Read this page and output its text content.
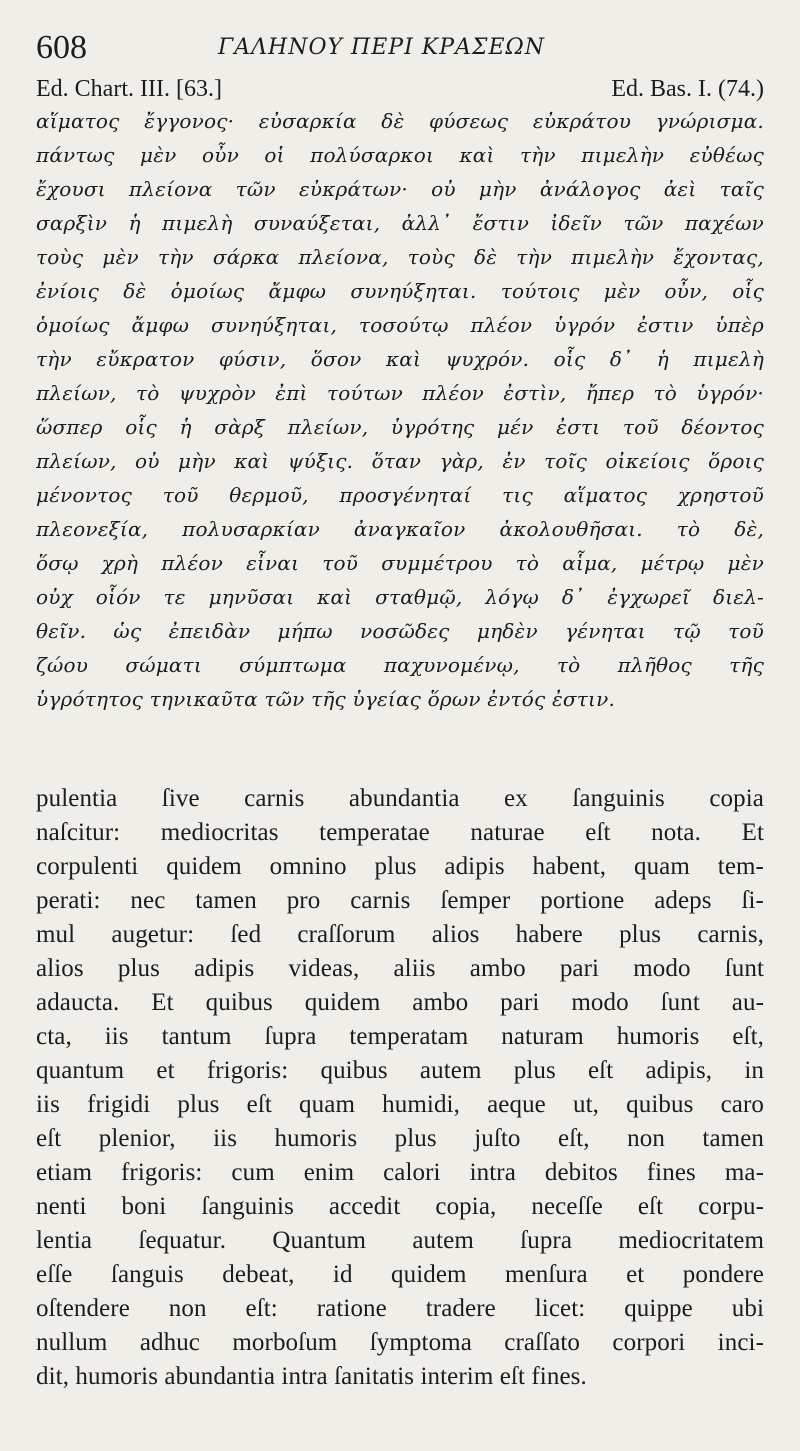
608	ΓΑΛΗΝΟΥ ΠΕΡΙ ΚΡΑΣΕΩΝ
Ed. Chart. III. [63.]	Ed. Bas. I. (74.)
αἵματος ἔγγονος· εὐσαρκία δὲ φύσεως εὐκράτου γνώρισμα.
πάντως μὲν οὖν οἱ πολύσαρκοι καὶ τὴν πιμελὴν εὐθέως
ἔχουσι πλείονα τῶν εὐκράτων· οὐ μὴν ἀνάλογος ἀεὶ ταῖς
σαρξὶν ἡ πιμελὴ συναύξεται, ἀλλ᾽ ἔστιν ἰδεῖν τῶν παχέων
τοὺς μὲν τὴν σάρκα πλείονα, τοὺς δὲ τὴν πιμελὴν ἔχοντας,
ἐνίοις δὲ ὁμοίως ἄμφω συνηύξηται. τούτοις μὲν οὖν, οἷς
ὁμοίως ἄμφω συνηύξηται, τοσούτῳ πλέον ὑγρόν ἐστιν ὑπὲρ
τὴν εὔκρατον φύσιν, ὅσον καὶ ψυχρόν. οἷς δ᾽ ἡ πιμελὴ
πλείων, τὸ ψυχρὸν ἐπὶ τούτων πλέον ἐστὶν, ἤπερ τὸ ὑγρόν·
ὥσπερ οἷς ἡ σὰρξ πλείων, ὑγρότης μέν ἐστι τοῦ δέοντος
πλείων, οὐ μὴν καὶ ψύξις. ὅταν γὰρ, ἐν τοῖς οἰκείοις ὅροις
μένοντος τοῦ θερμοῦ, προσγένηταί τις αἵματος χρηστοῦ
πλεονεξία, πολυσαρκίαν ἀναγκαῖον ἀκολουθῆσαι. τὸ δὲ,
ὅσῳ χρὴ πλέον εἶναι τοῦ συμμέτρου τὸ αἷμα, μέτρῳ μὲν
οὐχ οἷόν τε μηνῦσαι καὶ σταθμῷ, λόγῳ δ᾽ ἐγχωρεῖ διελ-
θεῖν. ὡς ἐπειδὰν μήπω νοσῶδες μηδὲν γένηται τῷ τοῦ
ζώου σώματι σύμπτωμα παχυνομένῳ, τὸ πλῆθος τῆς
ὑγρότητος τηνικαῦτα τῶν τῆς ὑγείας ὅρων ἐντός ἐστιν.
pulentia ſive carnis abundantia ex ſanguinis copia
naſcitur: mediocritas temperatae naturae eſt nota. Et
corpulenti quidem omnino plus adipis habent, quam tem-
perati: nec tamen pro carnis ſemper portione adeps ſi-
mul augetur: ſed craſſorum alios habere plus carnis,
alios plus adipis videas, aliis ambo pari modo ſunt
adaucta. Et quibus quidem ambo pari modo ſunt au-
cta, iis tantum ſupra temperatam naturam humoris eſt,
quantum et frigoris: quibus autem plus eſt adipis, in
iis frigidi plus eſt quam humidi, aeque ut, quibus caro
eſt plenior, iis humoris plus juſto eſt, non tamen
etiam frigoris: cum enim calori intra debitos fines ma-
nenti boni ſanguinis accedit copia, neceſſe eſt corpu-
lentia ſequatur. Quantum autem ſupra mediocritatem
eſſe ſanguis debeat, id quidem menſura et pondere
oſtendere non eſt: ratione tradere licet: quippe ubi
nullum adhuc morboſum ſymptoma craſſato corpori inci-
dit, humoris abundantia intra ſanitatis interim eſt fines.
